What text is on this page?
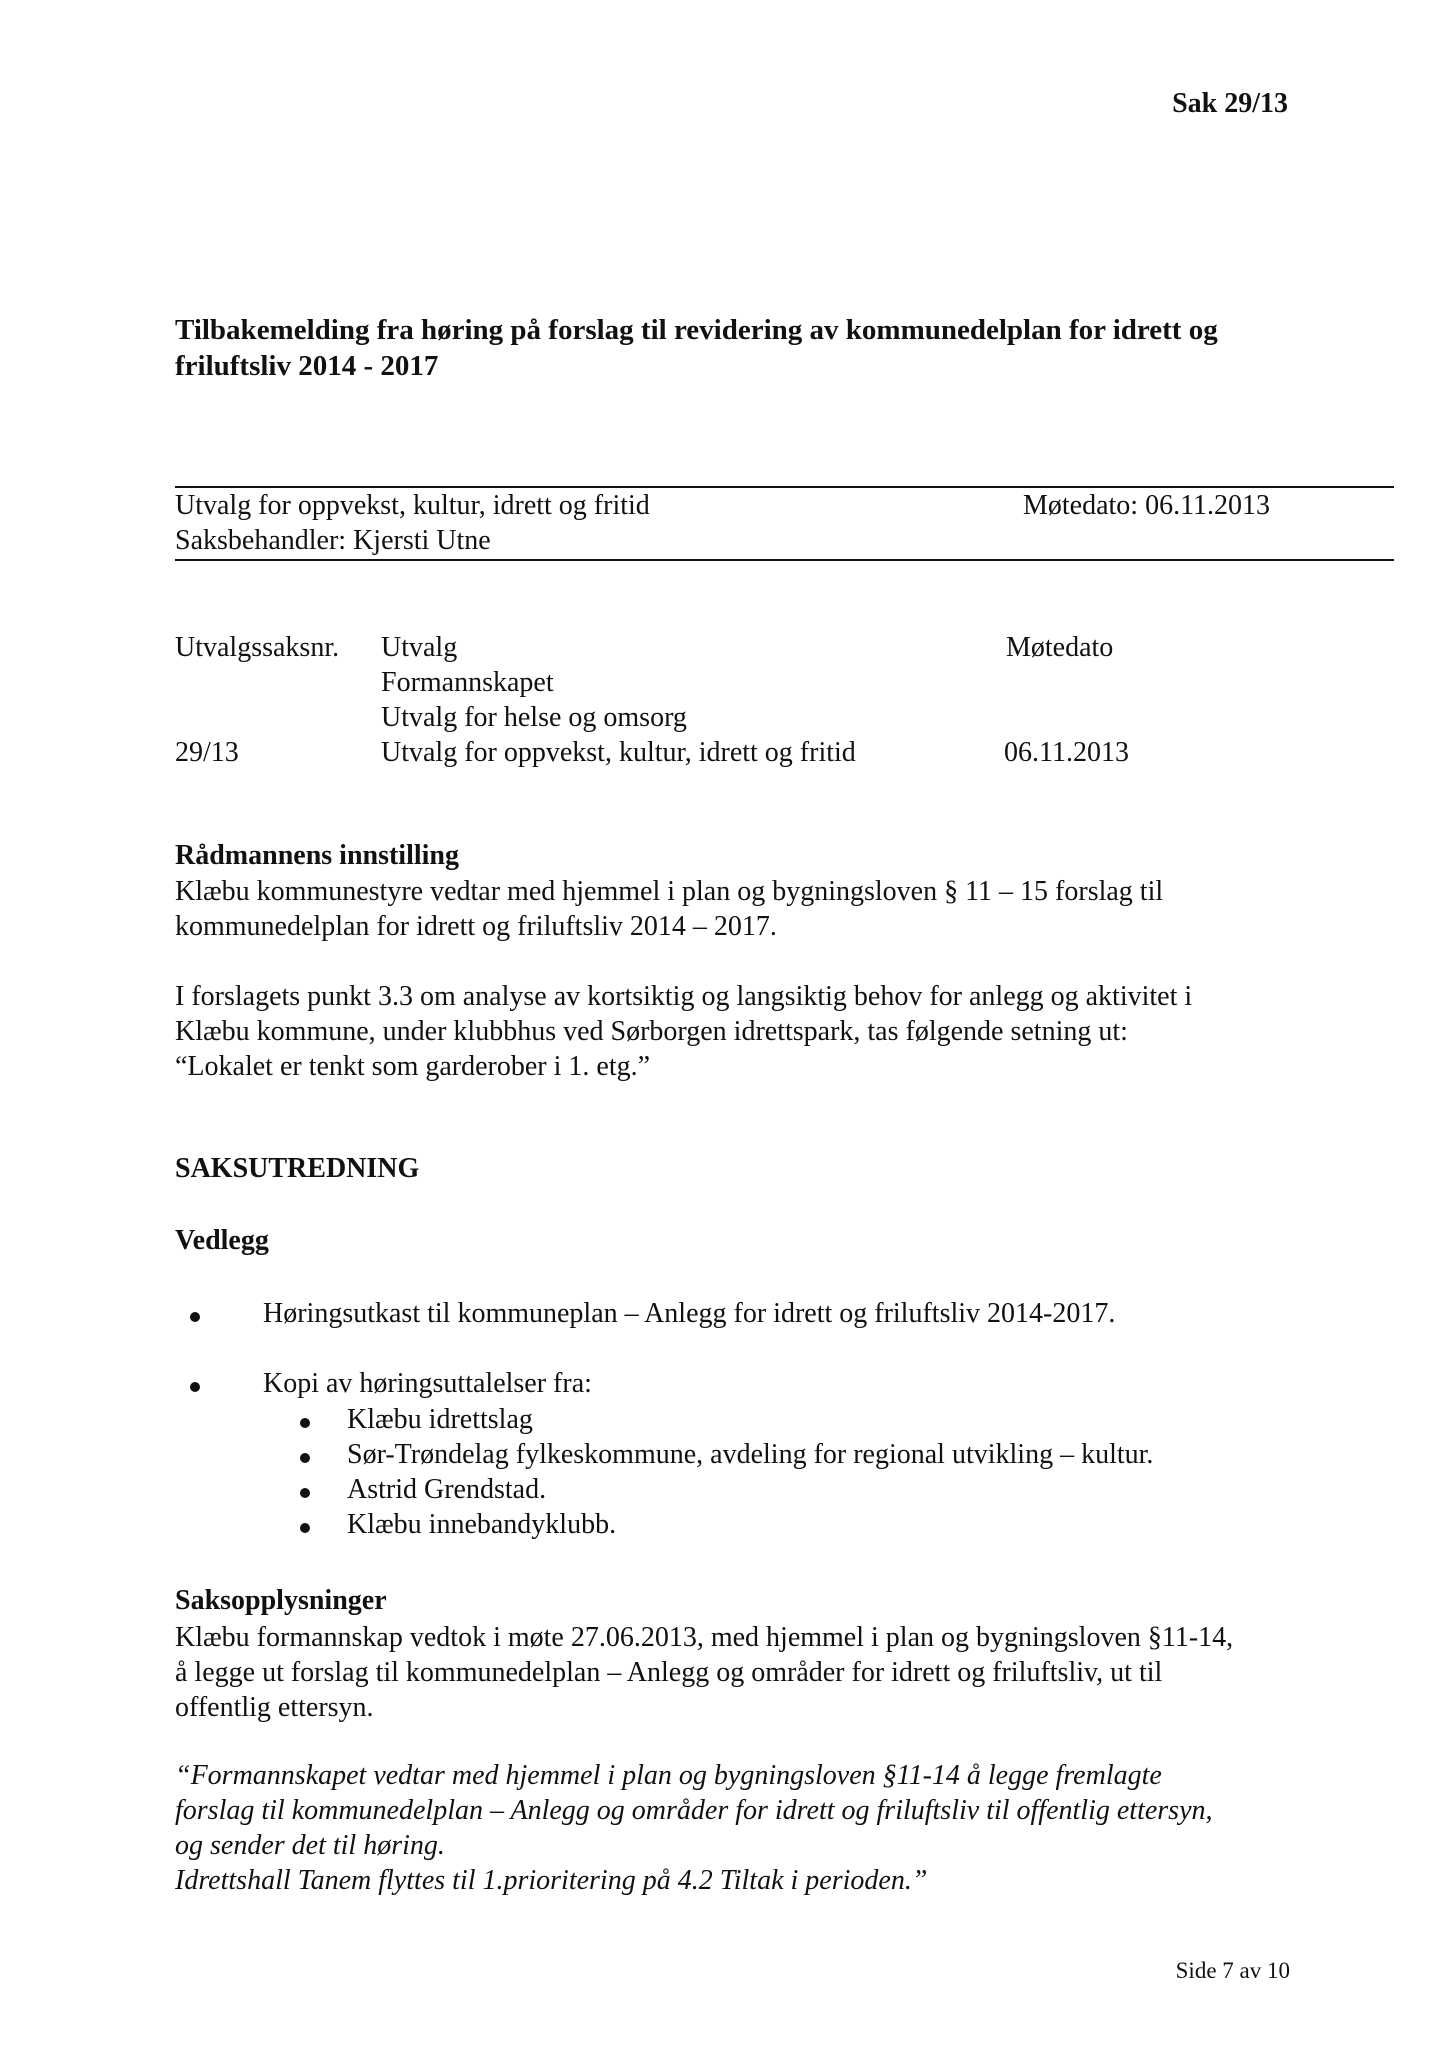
Sak 29/13
Tilbakemelding fra høring på forslag til revidering av kommunedelplan for idrett og
friluftsliv 2014 - 2017
Utvalg for oppvekst, kultur, idrett og fritid	Møtedato: 06.11.2013
Saksbehandler: Kjersti Utne
Utvalgssaksnr. Utvalg	Møtedato
Formannskapet
Utvalg for helse og omsorg
29/13	Utvalg for oppvekst, kultur, idrett og fritid	06.11.2013
Rådmannens innstilling
Klæbu kommunestyre vedtar med hjemmel i plan og bygningsloven § 11 – 15 forslag til
kommunedelplan for idrett og friluftsliv 2014 – 2017.
I forslagets punkt 3.3 om analyse av kortsiktig og langsiktig behov for anlegg og aktivitet i
Klæbu kommune, under klubbhus ved Sørborgen idrettspark, tas følgende setning ut:
“Lokalet er tenkt som garderober i 1. etg.”
SAKSUTREDNING
Vedlegg
Høringsutkast til kommuneplan – Anlegg for idrett og friluftsliv 2014-2017.
Kopi av høringsuttalelser fra:
Klæbu idrettslag
Sør-Trøndelag fylkeskommune, avdeling for regional utvikling – kultur.
Astrid Grendstad.
Klæbu innebandyklubb.
Saksopplysninger
Klæbu formannskap vedtok i møte 27.06.2013, med hjemmel i plan og bygningsloven §11-14,
å legge ut forslag til kommunedelplan – Anlegg og områder for idrett og friluftsliv, ut til
offentlig ettersyn.
“Formannskapet vedtar med hjemmel i plan og bygningsloven §11-14 å legge fremlagte
forslag til kommunedelplan – Anlegg og områder for idrett og friluftsliv til offentlig ettersyn,
og sender det til høring.
Idrettshall Tanem flyttes til 1.prioritering på 4.2 Tiltak i perioden.”
Side 7 av 10
